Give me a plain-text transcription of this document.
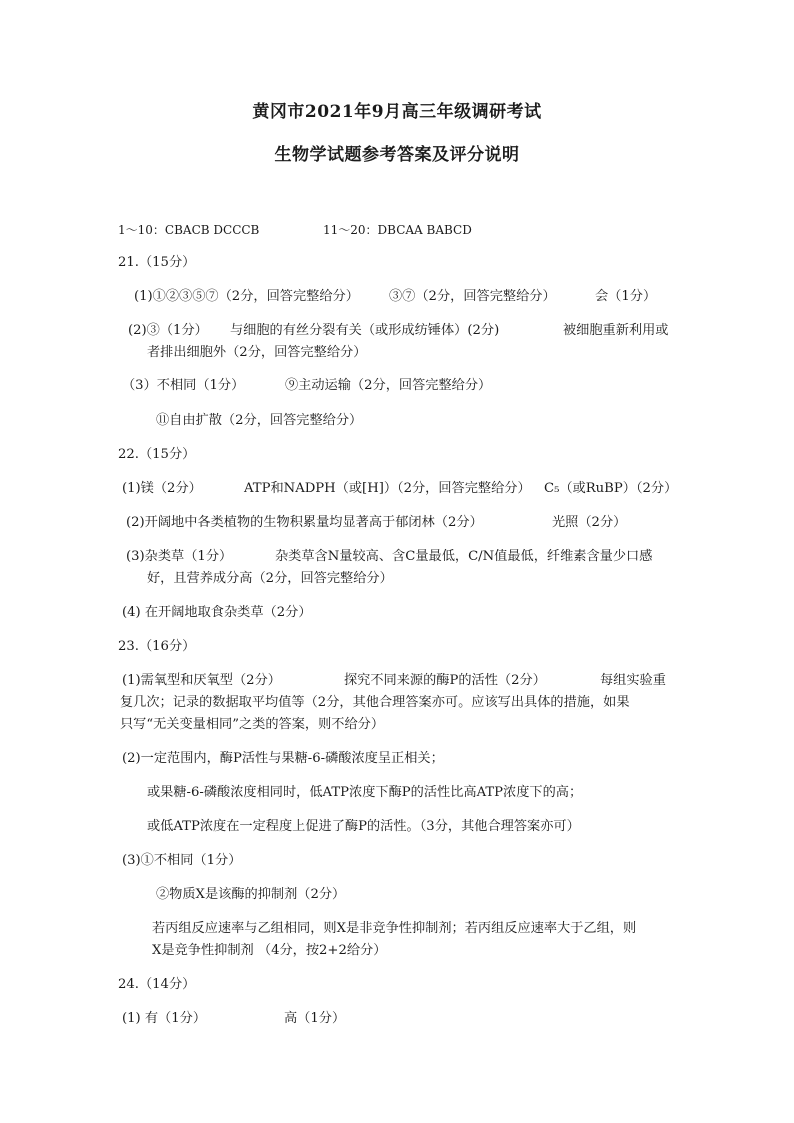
黄冈市2021年9月高三年级调研考试
生物学试题参考答案及评分说明
1～10：CBACB DCCCB	11～20：DBCAA BABCD
21.（15分）
(1)①②③⑤⑦（2分，回答完整给分） ③⑦（2分，回答完整给分）	会（1分）
(2)③（1分） 与细胞的有丝分裂有关（或形成纺锤体）(2分)	被细胞重新利用或
者排出细胞外（2分，回答完整给分）
（3）不相同（1分）	⑨主动运输（2分，回答完整给分）
⑪自由扩散（2分，回答完整给分）
22.（15分）
(1)镁（2分）	ATP和NADPH（或[H]）（2分，回答完整给分） C₅（或RuBP）（2分）
(2)开阔地中各类植物的生物积累量均显著高于郁闭林（2分）	光照（2分）
(3)杂类草（1分）	杂类草含N量较高、含C量最低，C/N值最低，纤维素含量少口感
好，且营养成分高（2分，回答完整给分）
(4) 在开阔地取食杂类草（2分）
23.（16分）
(1)需氧型和厌氧型（2分）	探究不同来源的酶P的活性（2分）	每组实验重
复几次；记录的数据取平均值等（2分，其他合理答案亦可。应该写出具体的措施，如果
只写“无关变量相同”之类的答案，则不给分）
(2)一定范围内，酶P活性与果糖-6-磷酸浓度呈正相关；
或果糖-6-磷酸浓度相同时，低ATP浓度下酶P的活性比高ATP浓度下的高；
或低ATP浓度在一定程度上促进了酶P的活性。（3分，其他合理答案亦可）
(3)①不相同（1分）
②物质X是该酶的抑制剂（2分）
若丙组反应速率与乙组相同，则X是非竞争性抑制剂；若丙组反应速率大于乙组，则
X是竞争性抑制剂 （4分，按2+2给分）
24.（14分）
(1) 有（1分）	高（1分）
